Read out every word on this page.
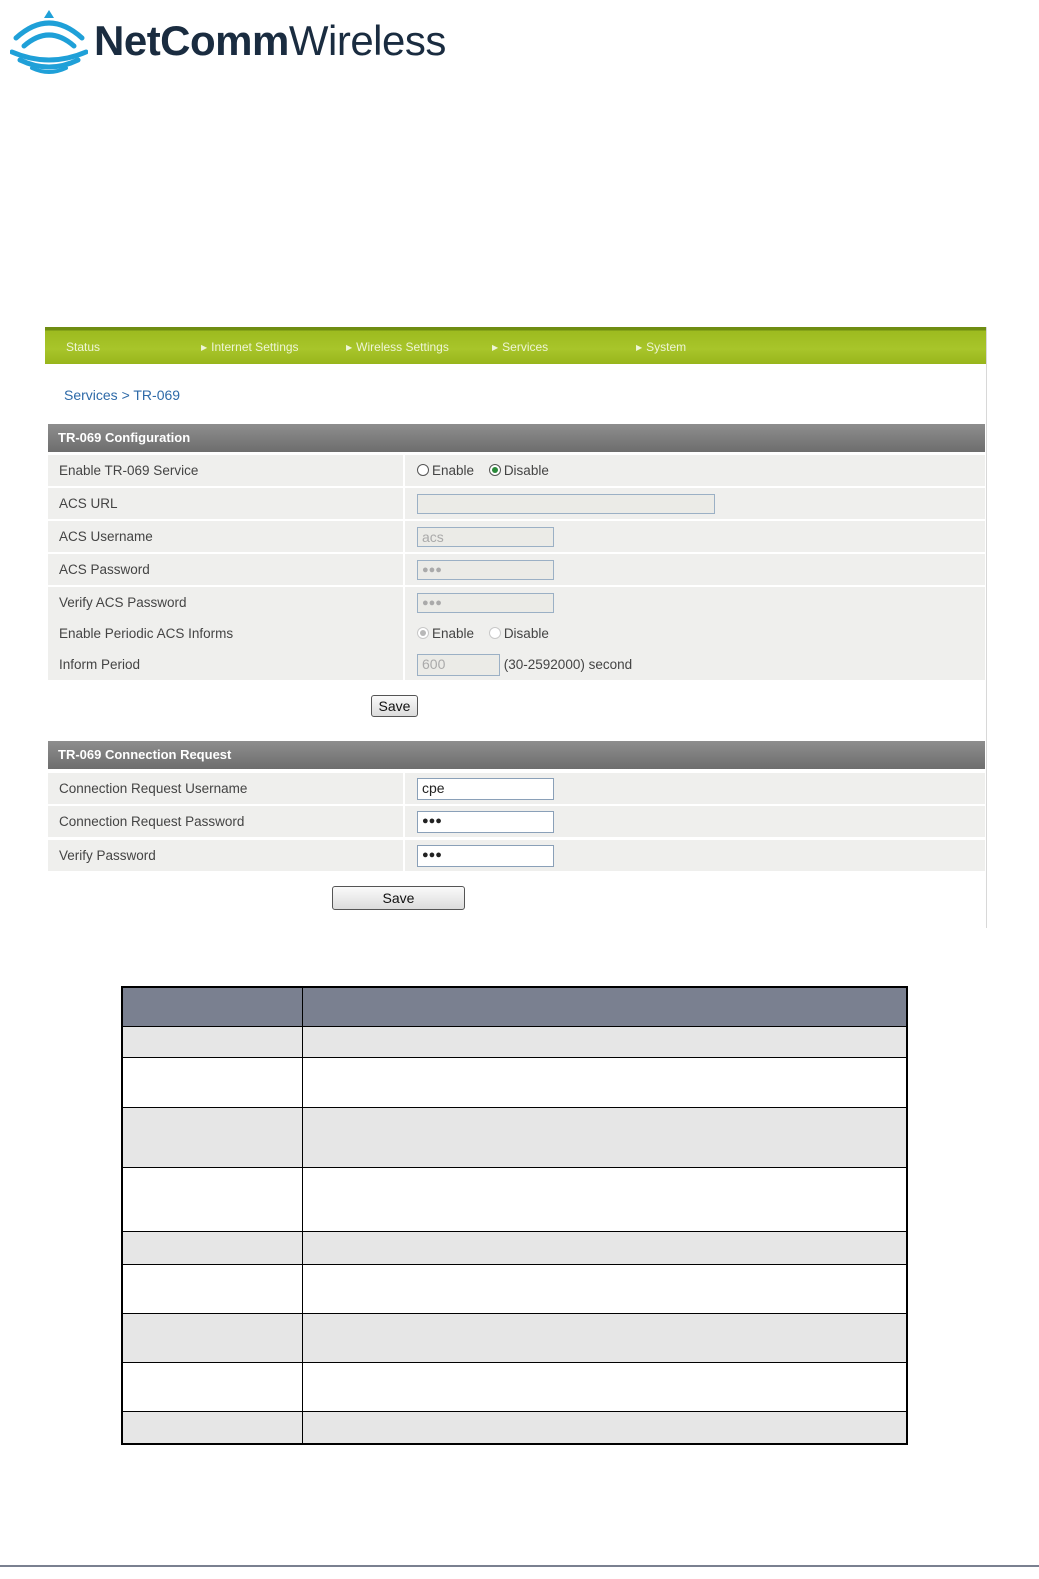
NetCommWireless
Status	▶ Internet Settings	▶ Wireless Settings	▶ Services	▶ System
Services > TR-069
TR-069 Configuration
Enable TR-069 Service	Enable Disable
ACS URL
ACS Username	acs
ACS Password	●●●
Verify ACS Password	●●●
Enable Periodic ACS Informs	Enable Disable
Inform Period	600	(30-2592000) second
Save
TR-069 Connection Request
Connection Request Username	cpe
Connection Request Password	●●●
Verify Password	●●●
Save
